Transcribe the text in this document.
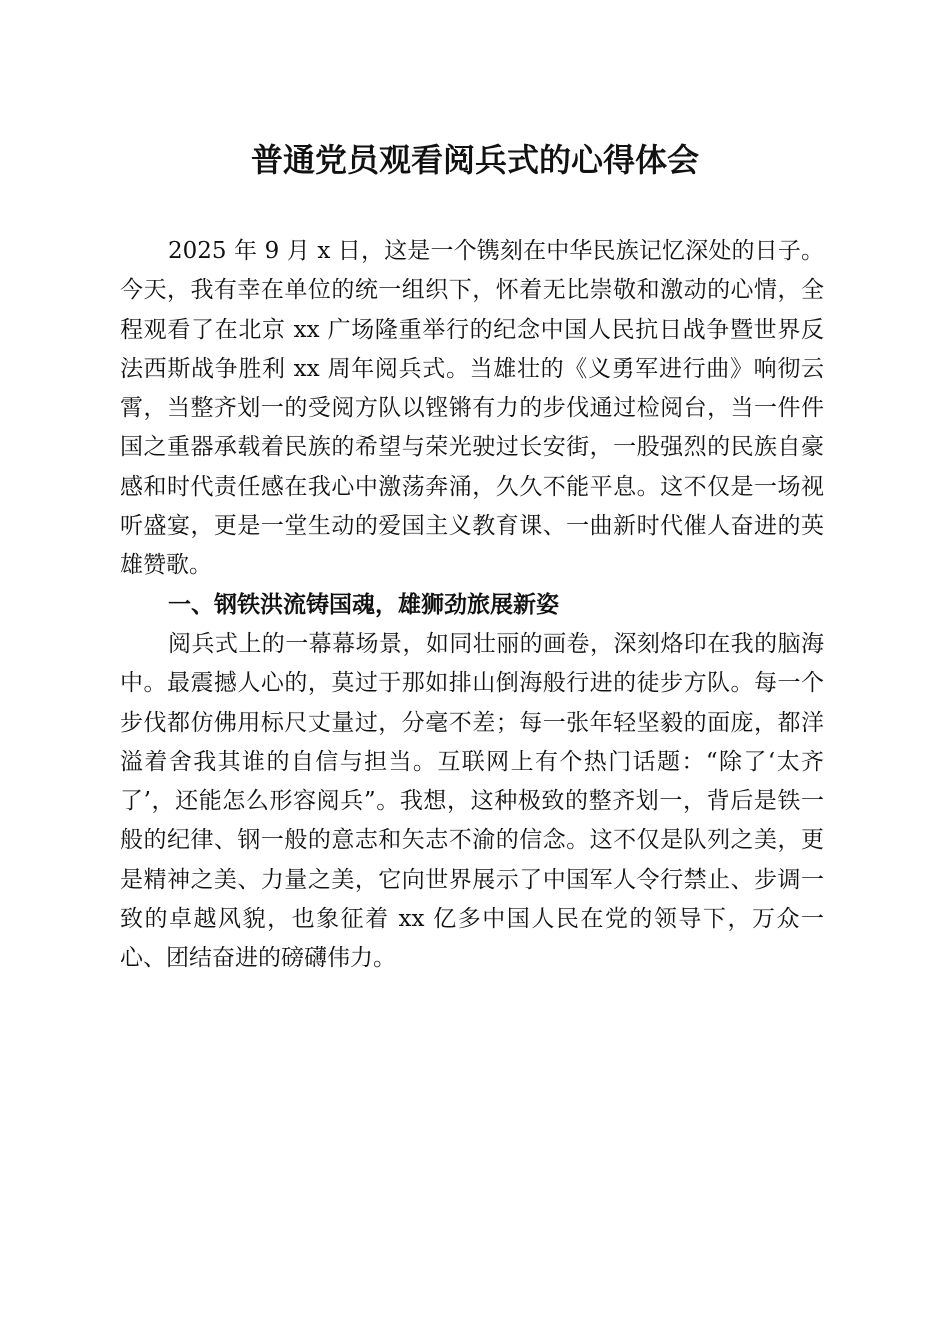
普通党员观看阅兵式的心得体会

2025 年 9 月 x 日，这是一个镌刻在中华民族记忆深处的日子。今天，我有幸在单位的统一组织下，怀着无比崇敬和激动的心情，全程观看了在北京 xx 广场隆重举行的纪念中国人民抗日战争暨世界反法西斯战争胜利 xx 周年阅兵式。当雄壮的《义勇军进行曲》响彻云霄，当整齐划一的受阅方队以铿锵有力的步伐通过检阅台，当一件件国之重器承载着民族的希望与荣光驶过长安街，一股强烈的民族自豪感和时代责任感在我心中激荡奔涌，久久不能平息。这不仅是一场视听盛宴，更是一堂生动的爱国主义教育课、一曲新时代催人奋进的英雄赞歌。

一、钢铁洪流铸国魂，雄狮劲旅展新姿

阅兵式上的一幕幕场景，如同壮丽的画卷，深刻烙印在我的脑海中。最震撼人心的，莫过于那如排山倒海般行进的徒步方队。每一个步伐都仿佛用标尺丈量过，分毫不差；每一张年轻坚毅的面庞，都洋溢着舍我其谁的自信与担当。互联网上有个热门话题：“除了‘太齐了’，还能怎么形容阅兵”。我想，这种极致的整齐划一，背后是铁一般的纪律、钢一般的意志和矢志不渝的信念。这不仅是队列之美，更是精神之美、力量之美，它向世界展示了中国军人令行禁止、步调一致的卓越风貌，也象征着 xx 亿多中国人民在党的领导下，万众一心、团结奋进的磅礴伟力。
